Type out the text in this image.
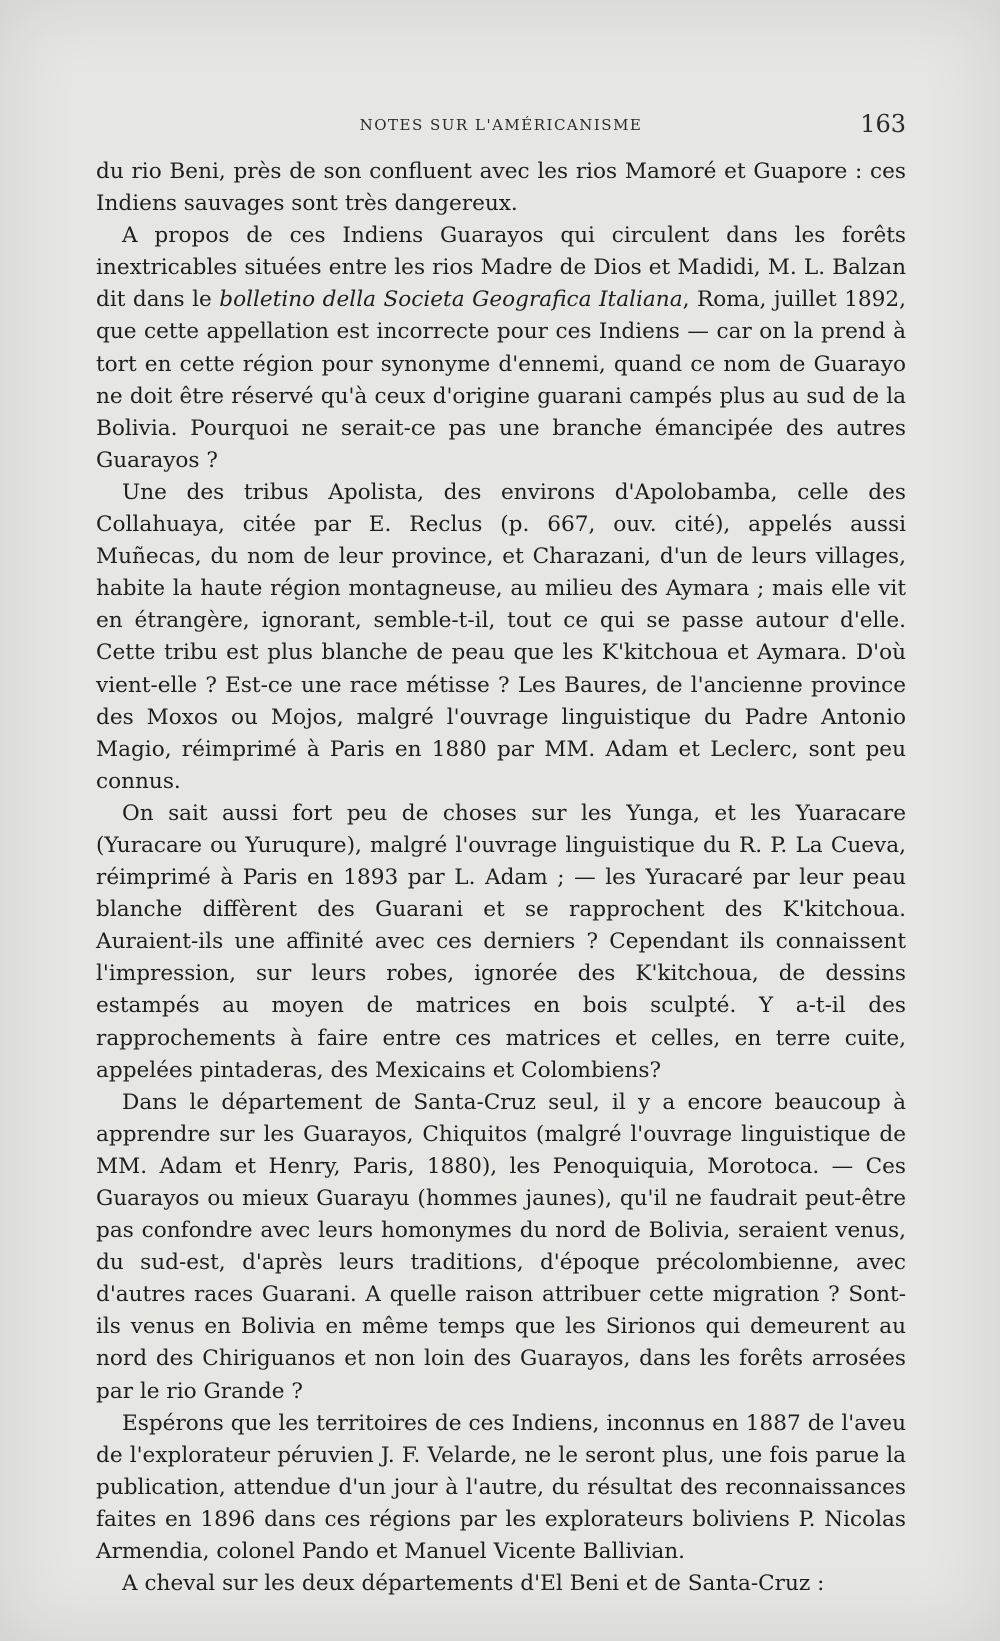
NOTES SUR L'AMÉRICANISME	163

du rio Beni, près de son confluent avec les rios Mamoré et Guapore : ces Indiens sauvages sont très dangereux.

A propos de ces Indiens Guarayos qui circulent dans les forêts inextricables situées entre les rios Madre de Dios et Madidi, M. L. Balzan dit dans le bolletino della Societa Geografica Italiana, Roma, juillet 1892, que cette appellation est incorrecte pour ces Indiens — car on la prend à tort en cette région pour synonyme d'ennemi, quand ce nom de Guarayo ne doit être réservé qu'à ceux d'origine guarani campés plus au sud de la Bolivia. Pourquoi ne serait-ce pas une branche émancipée des autres Guarayos ?

Une des tribus Apolista, des environs d'Apolobamba, celle des Collahuaya, citée par E. Reclus (p. 667, ouv. cité), appelés aussi Muñecas, du nom de leur province, et Charazani, d'un de leurs villages, habite la haute région montagneuse, au milieu des Aymara ; mais elle vit en étrangère, ignorant, semble-t-il, tout ce qui se passe autour d'elle. Cette tribu est plus blanche de peau que les K'kitchoua et Aymara. D'où vient-elle ? Est-ce une race métisse ? Les Baures, de l'ancienne province des Moxos ou Mojos, malgré l'ouvrage linguistique du Padre Antonio Magio, réimprimé à Paris en 1880 par MM. Adam et Leclerc, sont peu connus.

On sait aussi fort peu de choses sur les Yunga, et les Yuaracare (Yuracare ou Yuruqure), malgré l'ouvrage linguistique du R. P. La Cueva, réimprimé à Paris en 1893 par L. Adam ; — les Yuracaré par leur peau blanche diffèrent des Guarani et se rapprochent des K'kitchoua. Auraient-ils une affinité avec ces derniers ? Cependant ils connaissent l'impression, sur leurs robes, ignorée des K'kitchoua, de dessins estampés au moyen de matrices en bois sculpté. Y a-t-il des rapprochements à faire entre ces matrices et celles, en terre cuite, appelées pintaderas, des Mexicains et Colombiens?

Dans le département de Santa-Cruz seul, il y a encore beaucoup à apprendre sur les Guarayos, Chiquitos (malgré l'ouvrage linguistique de MM. Adam et Henry, Paris, 1880), les Penoquiquia, Morotoca. — Ces Guarayos ou mieux Guarayu (hommes jaunes), qu'il ne faudrait peut-être pas confondre avec leurs homonymes du nord de Bolivia, seraient venus, du sud-est, d'après leurs traditions, d'époque précolombienne, avec d'autres races Guarani. A quelle raison attribuer cette migration ? Sont-ils venus en Bolivia en même temps que les Sirionos qui demeurent au nord des Chiriguanos et non loin des Guarayos, dans les forêts arrosées par le rio Grande ?

Espérons que les territoires de ces Indiens, inconnus en 1887 de l'aveu de l'explorateur péruvien J. F. Velarde, ne le seront plus, une fois parue la publication, attendue d'un jour à l'autre, du résultat des reconnaissances faites en 1896 dans ces régions par les explorateurs boliviens P. Nicolas Armendia, colonel Pando et Manuel Vicente Ballivian.

A cheval sur les deux départements d'El Beni et de Santa-Cruz :
